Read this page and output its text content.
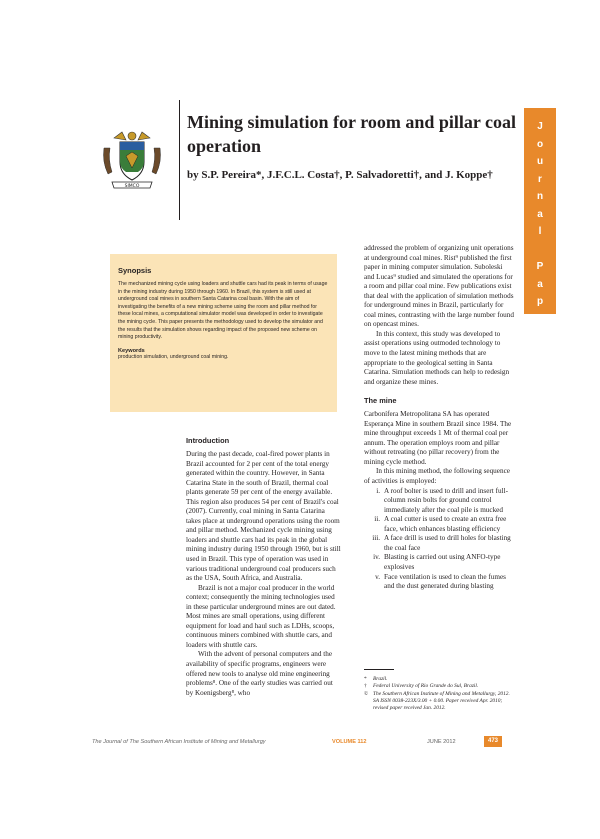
SIMCO
Mining simulation for room and pillar coal operation
by S.P. Pereira*, J.F.C.L. Costa†, P. Salvadoretti†, and J. Koppe†
J
o
u
r
n
a
l
P
a
p
e
r
Synopsis
The mechanized mining cycle using loaders and shuttle cars had its peak in terms of usage in the mining industry during 1950 through 1960. In Brazil, this system is still used at underground coal mines in southern Santa Catarina coal basin. With the aim of investigating the benefits of a new mining scheme using the room and pillar method for these local mines, a computational simulator model was developed in order to investigate the mining cycle. This paper presents the methodology used to develop the simulator and the results that the simulation shows regarding impact of the proposed new scheme on mining productivity.
Keywords
production simulation, underground coal mining.
Introduction

During the past decade, coal-fired power plants in Brazil accounted for 2 per cent of the total energy generated within the country. However, in Santa Catarina State in the south of Brazil, thermal coal plants generate 59 per cent of the energy available. This region also produces 54 per cent of Brazil's coal (2007). Currently, coal mining in Santa Catarina takes place at underground operations using the room and pillar method. Mechanized cycle mining using loaders and shuttle cars had its peak in the global mining industry during 1950 through 1960, but is still used in Brazil. This type of operation was used in various traditional underground coal producers such as the USA, South Africa, and Australia.

Brazil is not a major coal producer in the world context; consequently the mining technologies used in these particular underground mines are out dated. Most mines are small operations, using different equipment for load and haul such as LDHs, scoops, continuous miners combined with shuttle cars, and loaders with shuttle cars.

With the advent of personal computers and the availability of specific programs, engineers were offered new tools to analyse old mine engineering problems⁸. One of the early studies was carried out by Koenigsberg⁸, who

addressed the problem of organizing unit operations at underground coal mines. Rist⁹ published the first paper in mining computer simulation. Suboleski and Lucas⁹ studied and simulated the operations for a room and pillar coal mine. Few publications exist that deal with the application of simulation methods for underground mines in Brazil, particularly for coal mines, contrasting with the large number found on opencast mines.

In this context, this study was developed to assist operations using outmoded technology to move to the latest mining methods that are appropriate to the geological setting in Santa Catarina. Simulation methods can help to redesign and organize these mines.

The mine

Carbonífera Metropolitana SA has operated Esperança Mine in southern Brazil since 1984. The mine throughput exceeds 1 Mt of thermal coal per annum. The operation employs room and pillar without retreating (no pillar recovery) from the mining cycle method.

In this mining method, the following sequence of activities is employed:

i. A roof bolter is used to drill and insert full-column resin bolts for ground control immediately after the coal pile is mucked
ii. A coal cutter is used to create an extra free face, which enhances blasting efficiency
iii. A face drill is used to drill holes for blasting the coal face
iv. Blasting is carried out using ANFO-type explosives
v. Face ventilation is used to clean the fumes and the dust generated during blasting
*	Brazil.
†	Federal University of Rio Grande do Sul, Brazil.
© The Southern African Institute of Mining and Metallurgy, 2012. SA ISSN 0038-223X/3.00 + 0.00. Paper received Apr. 2010; revised paper received Jan. 2012.
The Journal of The Southern African Institute of Mining and Metallurgy	VOLUME 112	JUNE 2012	473
